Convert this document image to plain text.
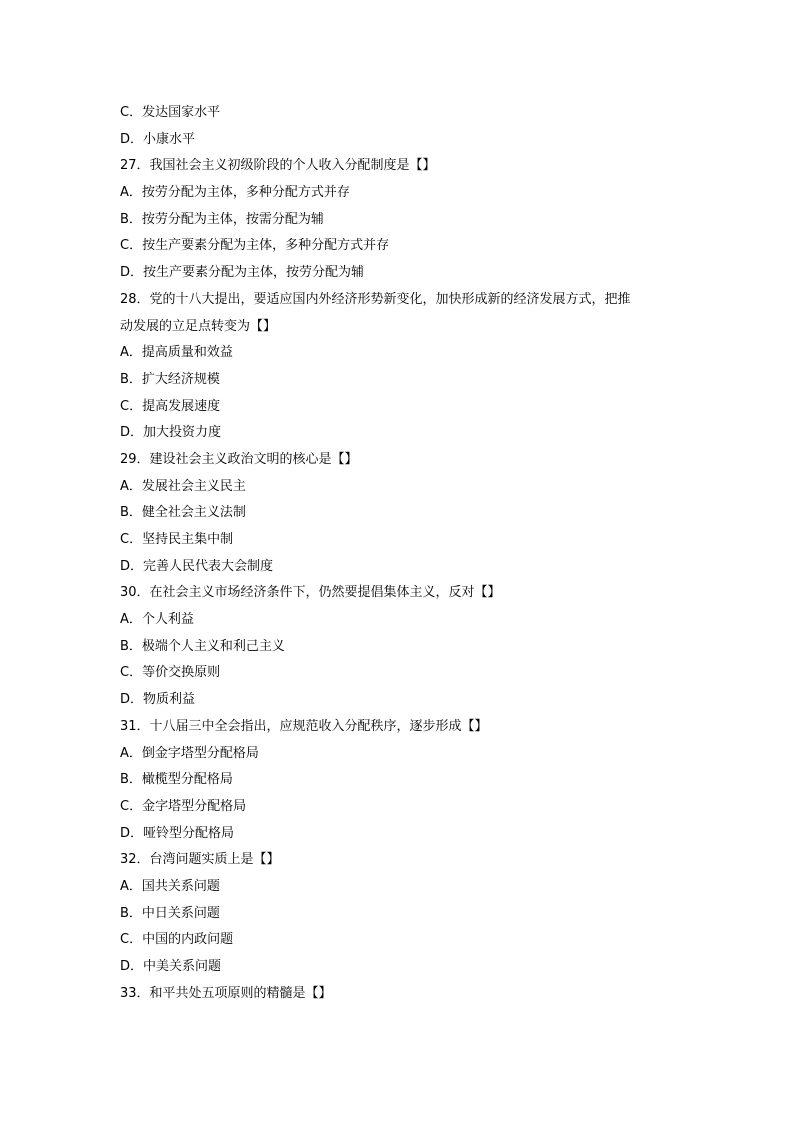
C．发达国家水平
D．小康水平
27．我国社会主义初级阶段的个人收入分配制度是【】
A．按劳分配为主体，多种分配方式并存
B．按劳分配为主体，按需分配为辅
C．按生产要素分配为主体，多种分配方式并存
D．按生产要素分配为主体，按劳分配为辅
28．党的十八大提出，要适应国内外经济形势新变化，加快形成新的经济发展方式，把推
动发展的立足点转变为【】
A．提高质量和效益
B．扩大经济规模
C．提高发展速度
D．加大投资力度
29．建设社会主义政治文明的核心是【】
A．发展社会主义民主
B．健全社会主义法制
C．坚持民主集中制
D．完善人民代表大会制度
30．在社会主义市场经济条件下，仍然要提倡集体主义，反对【】
A．个人利益
B．极端个人主义和利己主义
C．等价交换原则
D．物质利益
31．十八届三中全会指出，应规范收入分配秩序，逐步形成【】
A．倒金字塔型分配格局
B．橄榄型分配格局
C．金字塔型分配格局
D．哑铃型分配格局
32．台湾问题实质上是【】
A．国共关系问题
B．中日关系问题
C．中国的内政问题
D．中美关系问题
33．和平共处五项原则的精髓是【】
